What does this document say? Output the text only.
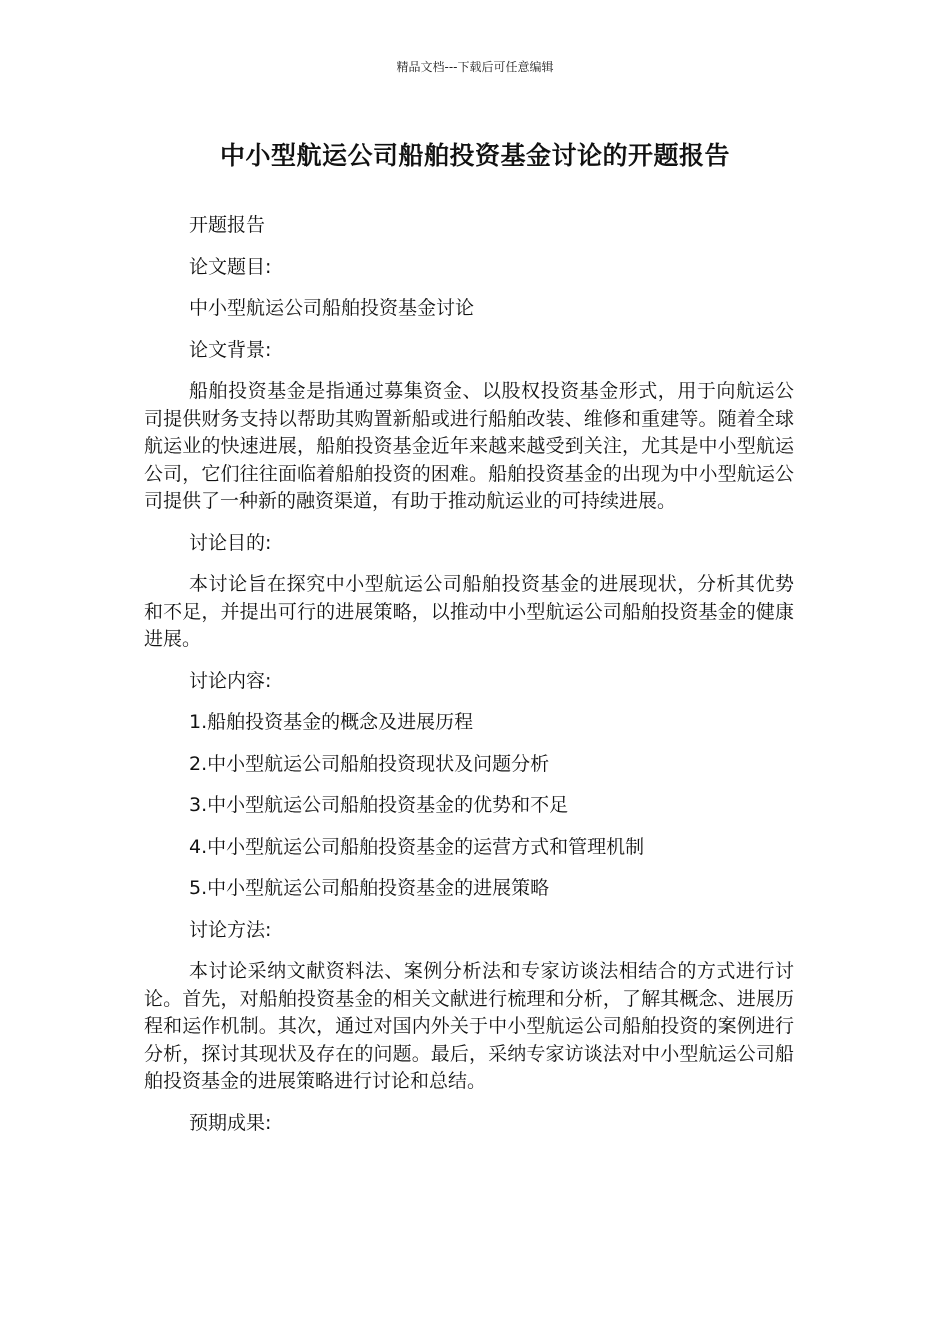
精品文档---下载后可任意编辑
中小型航运公司船舶投资基金讨论的开题报告

开题报告

论文题目:

中小型航运公司船舶投资基金讨论

论文背景:

船舶投资基金是指通过募集资金、以股权投资基金形式，用于向航运公司提供财务支持以帮助其购置新船或进行船舶改装、维修和重建等。随着全球航运业的快速进展，船舶投资基金近年来越来越受到关注，尤其是中小型航运公司，它们往往面临着船舶投资的困难。船舶投资基金的出现为中小型航运公司提供了一种新的融资渠道，有助于推动航运业的可持续进展。

讨论目的:

本讨论旨在探究中小型航运公司船舶投资基金的进展现状，分析其优势和不足，并提出可行的进展策略，以推动中小型航运公司船舶投资基金的健康进展。

讨论内容:

1.船舶投资基金的概念及进展历程

2.中小型航运公司船舶投资现状及问题分析

3.中小型航运公司船舶投资基金的优势和不足

4.中小型航运公司船舶投资基金的运营方式和管理机制

5.中小型航运公司船舶投资基金的进展策略

讨论方法:

本讨论采纳文献资料法、案例分析法和专家访谈法相结合的方式进行讨论。首先，对船舶投资基金的相关文献进行梳理和分析，了解其概念、进展历程和运作机制。其次，通过对国内外关于中小型航运公司船舶投资的案例进行分析，探讨其现状及存在的问题。最后，采纳专家访谈法对中小型航运公司船舶投资基金的进展策略进行讨论和总结。

预期成果:
